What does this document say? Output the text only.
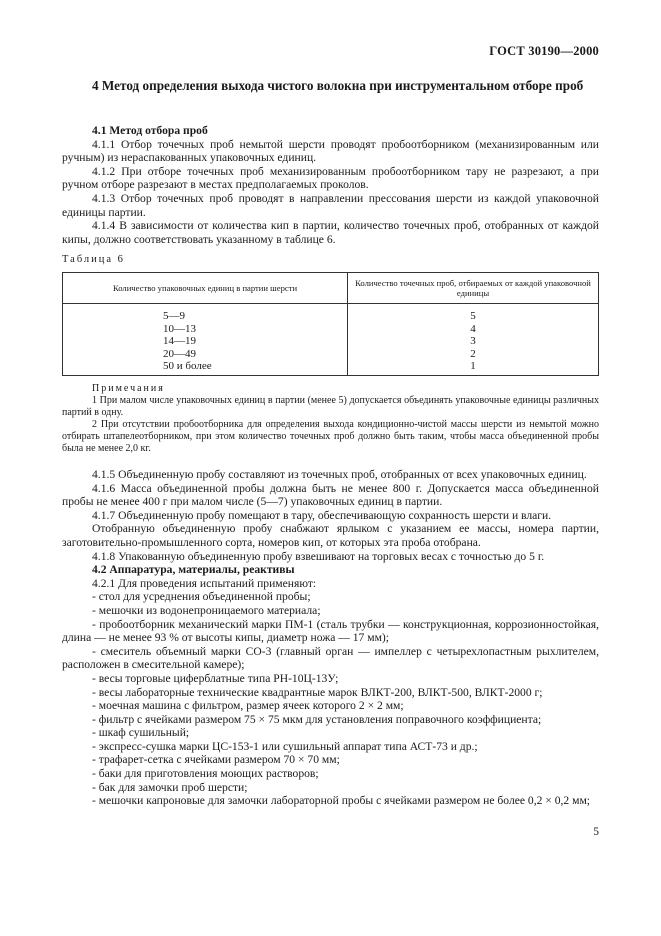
ГОСТ 30190—2000
4 Метод определения выхода чистого волокна при инструментальном отборе проб

4.1 Метод отбора проб

4.1.1 Отбор точечных проб немытой шерсти проводят пробоотборником (механизированным или ручным) из нераспакованных упаковочных единиц.

4.1.2 При отборе точечных проб механизированным пробоотборником тару не разрезают, а при ручном отборе разрезают в местах предполагаемых проколов.

4.1.3 Отбор точечных проб проводят в направлении прессования шерсти из каждой упаковочной единицы партии.

4.1.4 В зависимости от количества кип в партии, количество точечных проб, отобранных от каждой кипы, должно соответствовать указанному в таблице 6.

Таблица 6
Количество упаковочных единиц в партии шерсти	Количество точечных проб, отбираемых от каждой упаковочной единицы

5—9	5
10—13	4
14—19	3
20—49	2
50 и более	1

Примечания

1 При малом числе упаковочных единиц в партии (менее 5) допускается объединять упаковочные единицы различных партий в одну.

2 При отсутствии пробоотборника для определения выхода кондиционно-чистой массы шерсти из немытой можно отбирать штапелеотборником, при этом количество точечных проб должно быть таким, чтобы масса объединенной пробы была не менее 2,0 кг.

4.1.5 Объединенную пробу составляют из точечных проб, отобранных от всех упаковочных единиц.

4.1.6 Масса объединенной пробы должна быть не менее 800 г. Допускается масса объединенной пробы не менее 400 г при малом числе (5—7) упаковочных единиц в партии.

4.1.7 Объединенную пробу помещают в тару, обеспечивающую сохранность шерсти и влаги.

Отобранную объединенную пробу снабжают ярлыком с указанием ее массы, номера партии, заготовительно-промышленного сорта, номеров кип, от которых эта проба отобрана.

4.1.8 Упакованную объединенную пробу взвешивают на торговых весах с точностью до 5 г.

4.2 Аппаратура, материалы, реактивы

4.2.1 Для проведения испытаний применяют:

- стол для усреднения объединенной пробы;

- мешочки из водонепроницаемого материала;

- пробоотборник механический марки ПМ-1 (сталь трубки — конструкционная, коррозионностойкая, длина — не менее 93 % от высоты кипы, диаметр ножа — 17 мм);

- смеситель объемный марки СО-3 (главный орган — импеллер с четырехлопастным рыхлителем, расположен в смесительной камере);

- весы торговые циферблатные типа РН-10Ц-13У;

- весы лабораторные технические квадрантные марок ВЛКТ-200, ВЛКТ-500, ВЛКТ-2000 г;

- моечная машина с фильтром, размер ячеек которого 2 × 2 мм;

- фильтр с ячейками размером 75 × 75 мкм для установления поправочного коэффициента;

- шкаф сушильный;

- экспресс-сушка марки ЦС-153-1 или сушильный аппарат типа АСТ-73 и др.;

- трафарет-сетка с ячейками размером 70 × 70 мм;

- баки для приготовления моющих растворов;

- бак для замочки проб шерсти;

- мешочки капроновые для замочки лабораторной пробы с ячейками размером не более 0,2 × 0,2 мм;

5
